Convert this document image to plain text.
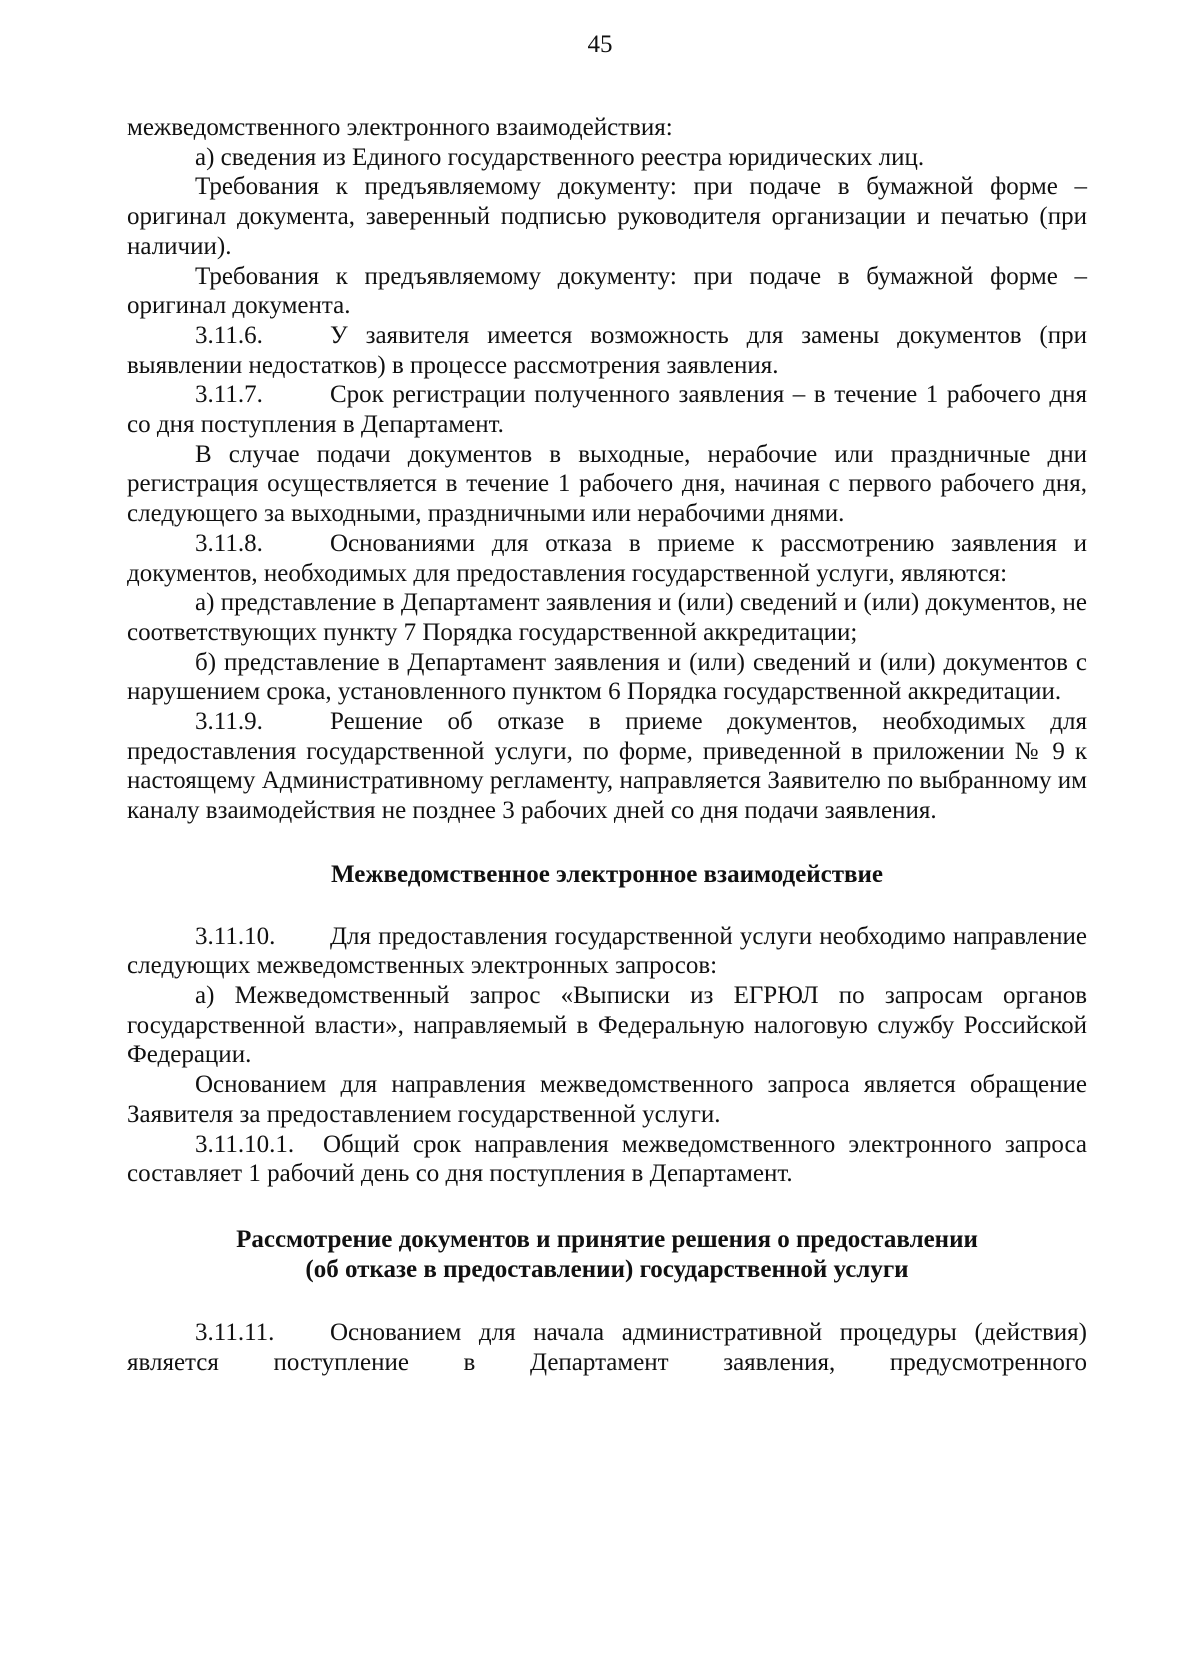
45

межведомственного электронного взаимодействия:

а) сведения из Единого государственного реестра юридических лиц.

Требования к предъявляемому документу: при подаче в бумажной форме – оригинал документа, заверенный подписью руководителя организации и печатью (при наличии).

Требования к предъявляемому документу: при подаче в бумажной форме – оригинал документа.

3.11.6.	У заявителя имеется возможность для замены документов (при выявлении недостатков) в процессе рассмотрения заявления.

3.11.7.	Срок регистрации полученного заявления – в течение 1 рабочего дня со дня поступления в Департамент.

В случае подачи документов в выходные, нерабочие или праздничные дни регистрация осуществляется в течение 1 рабочего дня, начиная с первого рабочего дня, следующего за выходными, праздничными или нерабочими днями.

3.11.8.	Основаниями для отказа в приеме к рассмотрению заявления и документов, необходимых для предоставления государственной услуги, являются:

а) представление в Департамент заявления и (или) сведений и (или) документов, не соответствующих пункту 7 Порядка государственной аккредитации;

б) представление в Департамент заявления и (или) сведений и (или) документов с нарушением срока, установленного пунктом 6 Порядка государственной аккредитации.

3.11.9.	Решение об отказе в приеме документов, необходимых для предоставления государственной услуги, по форме, приведенной в приложении № 9 к настоящему Административному регламенту, направляется Заявителю по выбранному им каналу взаимодействия не позднее 3 рабочих дней со дня подачи заявления.

Межведомственное электронное взаимодействие

3.11.10. Для предоставления государственной услуги необходимо направление следующих межведомственных электронных запросов:

а) Межведомственный запрос «Выписки из ЕГРЮЛ по запросам органов государственной власти», направляемый в Федеральную налоговую службу Российской Федерации.

Основанием для направления межведомственного запроса является обращение Заявителя за предоставлением государственной услуги.

3.11.10.1. Общий срок направления межведомственного электронного запроса составляет 1 рабочий день со дня поступления в Департамент.

Рассмотрение документов и принятие решения о предоставлении
(об отказе в предоставлении) государственной услуги

3.11.11. Основанием для начала административной процедуры (действия) является поступление в Департамент заявления, предусмотренного
